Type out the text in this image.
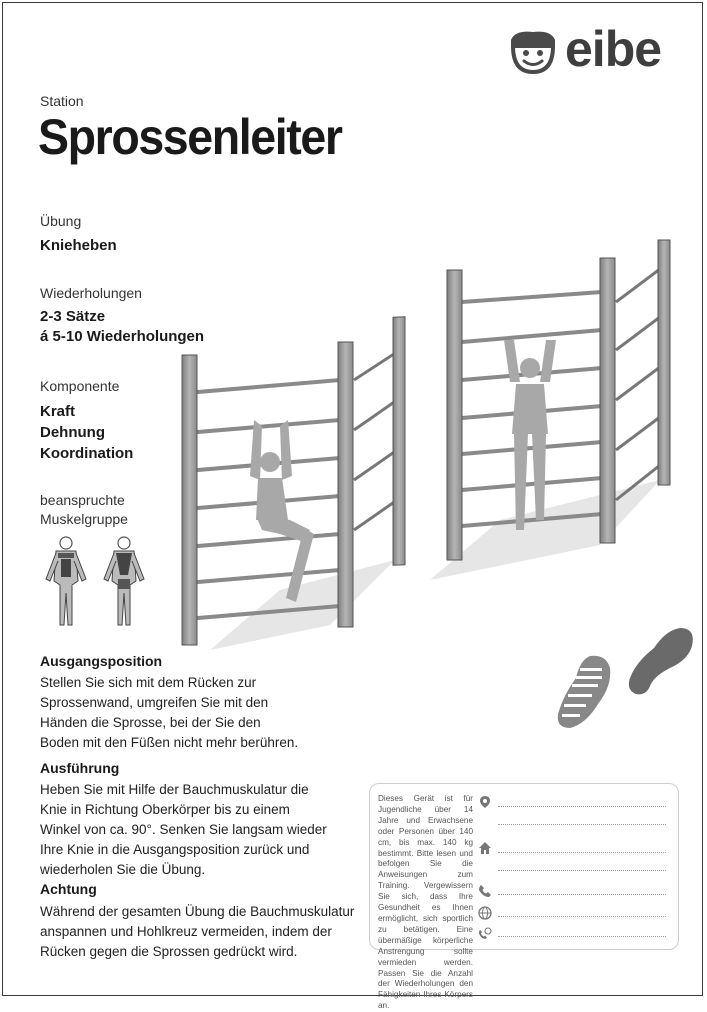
eibe
Station
Sprossenleiter
Übung
Knieheben
Wiederholungen
2-3 Sätze
á 5-10 Wiederholungen
Komponente
Kraft
Dehnung
Koordination
beanspruchte Muskelgruppe
Ausgangsposition
Stellen Sie sich mit dem Rücken zur
Sprossenwand, umgreifen Sie mit den
Händen die Sprosse, bei der Sie den
Boden mit den Füßen nicht mehr berühren.
Ausführung
Heben Sie mit Hilfe der Bauchmuskulatur die
Knie in Richtung Oberkörper bis zu einem
Winkel von ca. 90°. Senken Sie langsam wieder
Ihre Knie in die Ausgangsposition zurück und
wiederholen Sie die Übung.
Achtung
Während der gesamten Übung die Bauchmuskulatur
anspannen und Hohlkreuz vermeiden, indem der
Rücken gegen die Sprossen gedrückt wird.
Dieses Gerät ist für Jugendliche über 14 Jahre und Erwachsene oder Personen über 140 cm, bis max. 140 kg bestimmt. Bitte lesen und befolgen Sie die Anweisungen zum Training. Vergewissern Sie sich, dass Ihre Gesundheit es Ihnen ermöglicht, sich sportlich zu betätigen. Eine übermäßige körperliche Anstrengung sollte vermieden werden. Passen Sie die Anzahl der Wiederholungen den Fähigkeiten Ihres Körpers an.
